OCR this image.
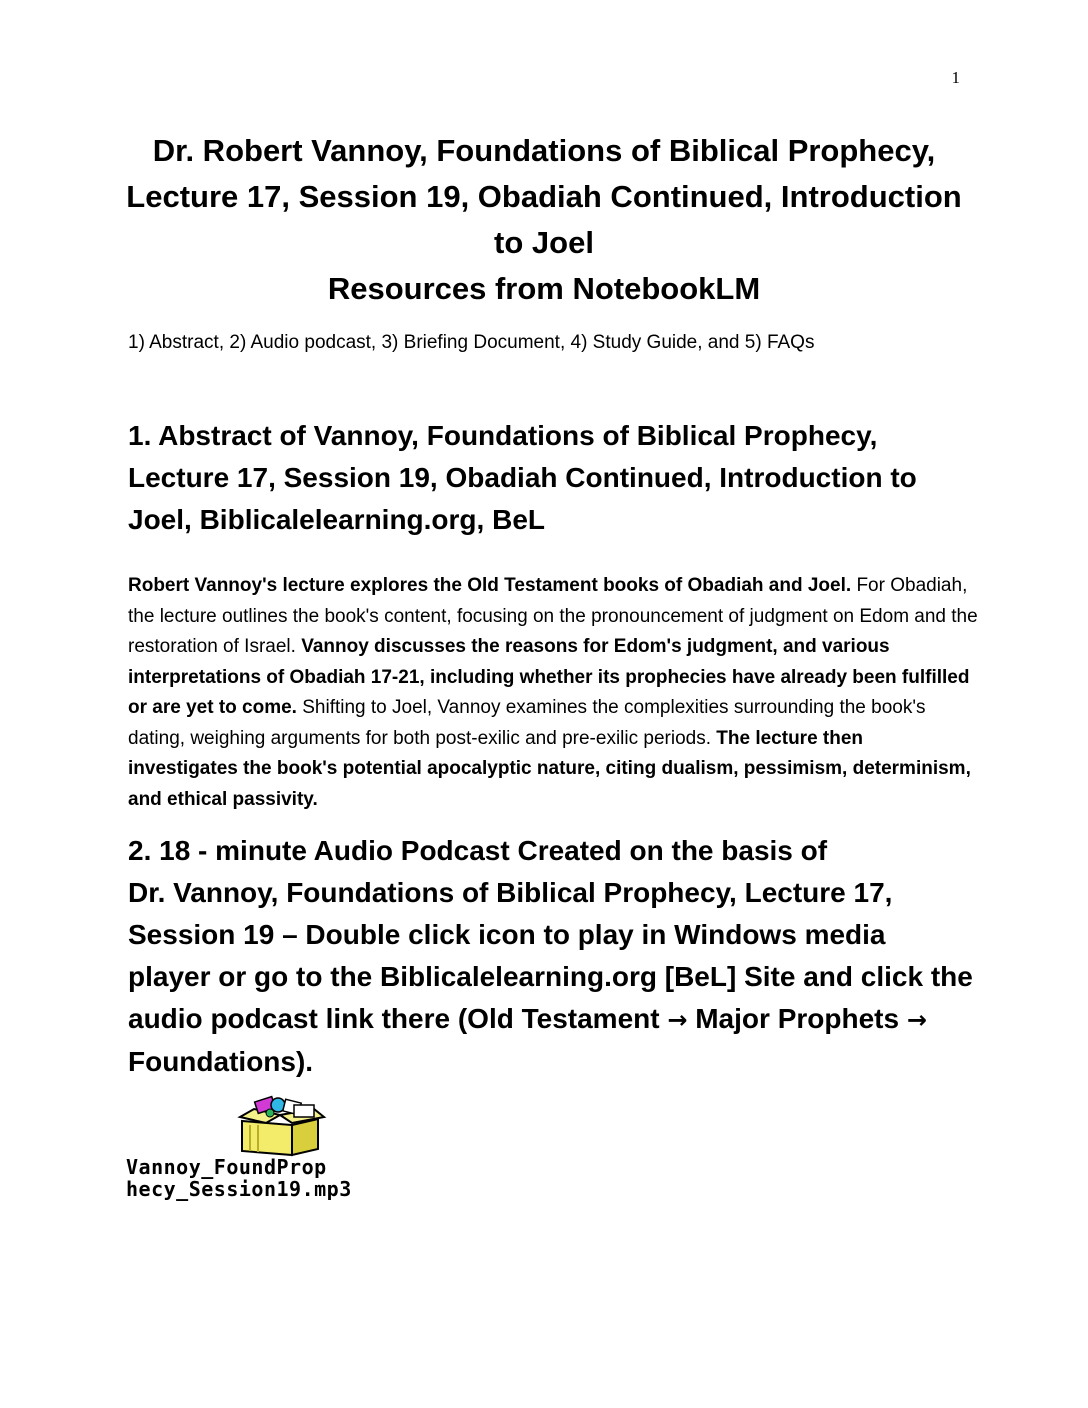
1
Dr. Robert Vannoy, Foundations of Biblical Prophecy,
Lecture 17, Session 19, Obadiah Continued, Introduction
to Joel
Resources from NotebookLM
1) Abstract, 2) Audio podcast, 3) Briefing Document, 4) Study Guide, and 5) FAQs
1. Abstract of Vannoy, Foundations of Biblical Prophecy,
Lecture 17, Session 19, Obadiah Continued, Introduction to
Joel, Biblicalelearning.org, BeL
Robert Vannoy's lecture explores the Old Testament books of Obadiah and Joel. For Obadiah, the lecture outlines the book's content, focusing on the pronouncement of judgment on Edom and the restoration of Israel. Vannoy discusses the reasons for Edom's judgment, and various interpretations of Obadiah 17-21, including whether its prophecies have already been fulfilled or are yet to come. Shifting to Joel, Vannoy examines the complexities surrounding the book's dating, weighing arguments for both post-exilic and pre-exilic periods. The lecture then investigates the book's potential apocalyptic nature, citing dualism, pessimism, determinism, and ethical passivity.
2. 18 - minute Audio Podcast Created on the basis of
Dr. Vannoy, Foundations of Biblical Prophecy, Lecture 17,
Session 19 – Double click icon to play in Windows media
player or go to the Biblicalelearning.org [BeL] Site and click the
audio podcast link there (Old Testament → Major Prophets →
Foundations).
Vannoy_FoundProp
hecy_Session19.mp3
